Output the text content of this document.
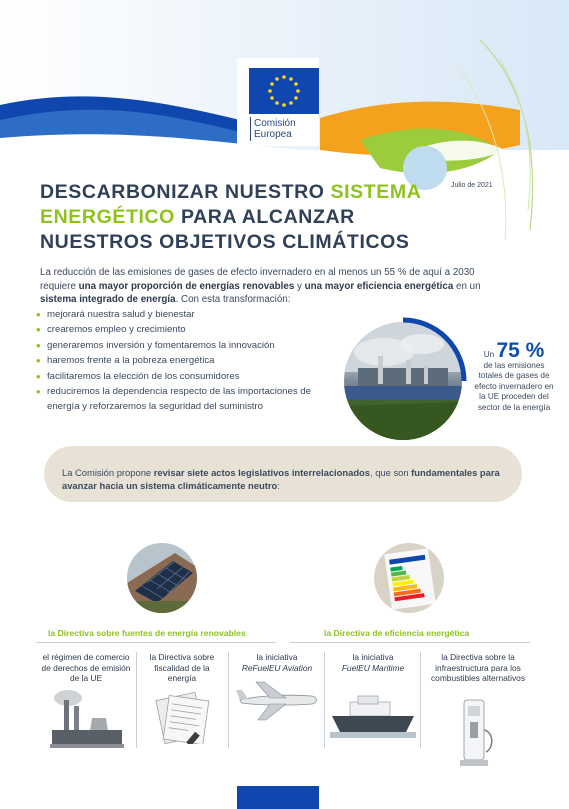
Comisión
Europea
DESCARBONIZAR NUESTRO SISTEMA
ENERGÉTICO PARA ALCANZAR
NUESTROS OBJETIVOS CLIMÁTICOS
Julio de 2021
La reducción de las emisiones de gases de efecto invernadero en al menos un 55 % de aquí a 2030 requiere una mayor proporción de energías renovables y una mayor eficiencia energética en un sistema integrado de energía. Con esta transformación:
• mejorará nuestra salud y bienestar
• crearemos empleo y crecimiento
• generaremos inversión y fomentaremos la innovación
• haremos frente a la pobreza energética
• facilitaremos la elección de los consumidores
• reduciremos la dependencia respecto de las importaciones de energía y reforzaremos la seguridad del suministro
Un 75 %
de las emisiones totales de gases de efecto invernadero en la UE proceden del sector de la energía
La Comisión propone revisar siete actos legislativos interrelacionados, que son fundamentales para avanzar hacia un sistema climáticamente neutro:
la Directiva sobre fuentes de energía renovables	la Directiva de eficiencia energética
el régimen de comercio de derechos de emisión de la UE
la Directiva sobre fiscalidad de la energía
la iniciativa
ReFuelEU Aviation
la iniciativa
FuelEU Maritime
la Directiva sobre la infraestructura para los combustibles alternativos
